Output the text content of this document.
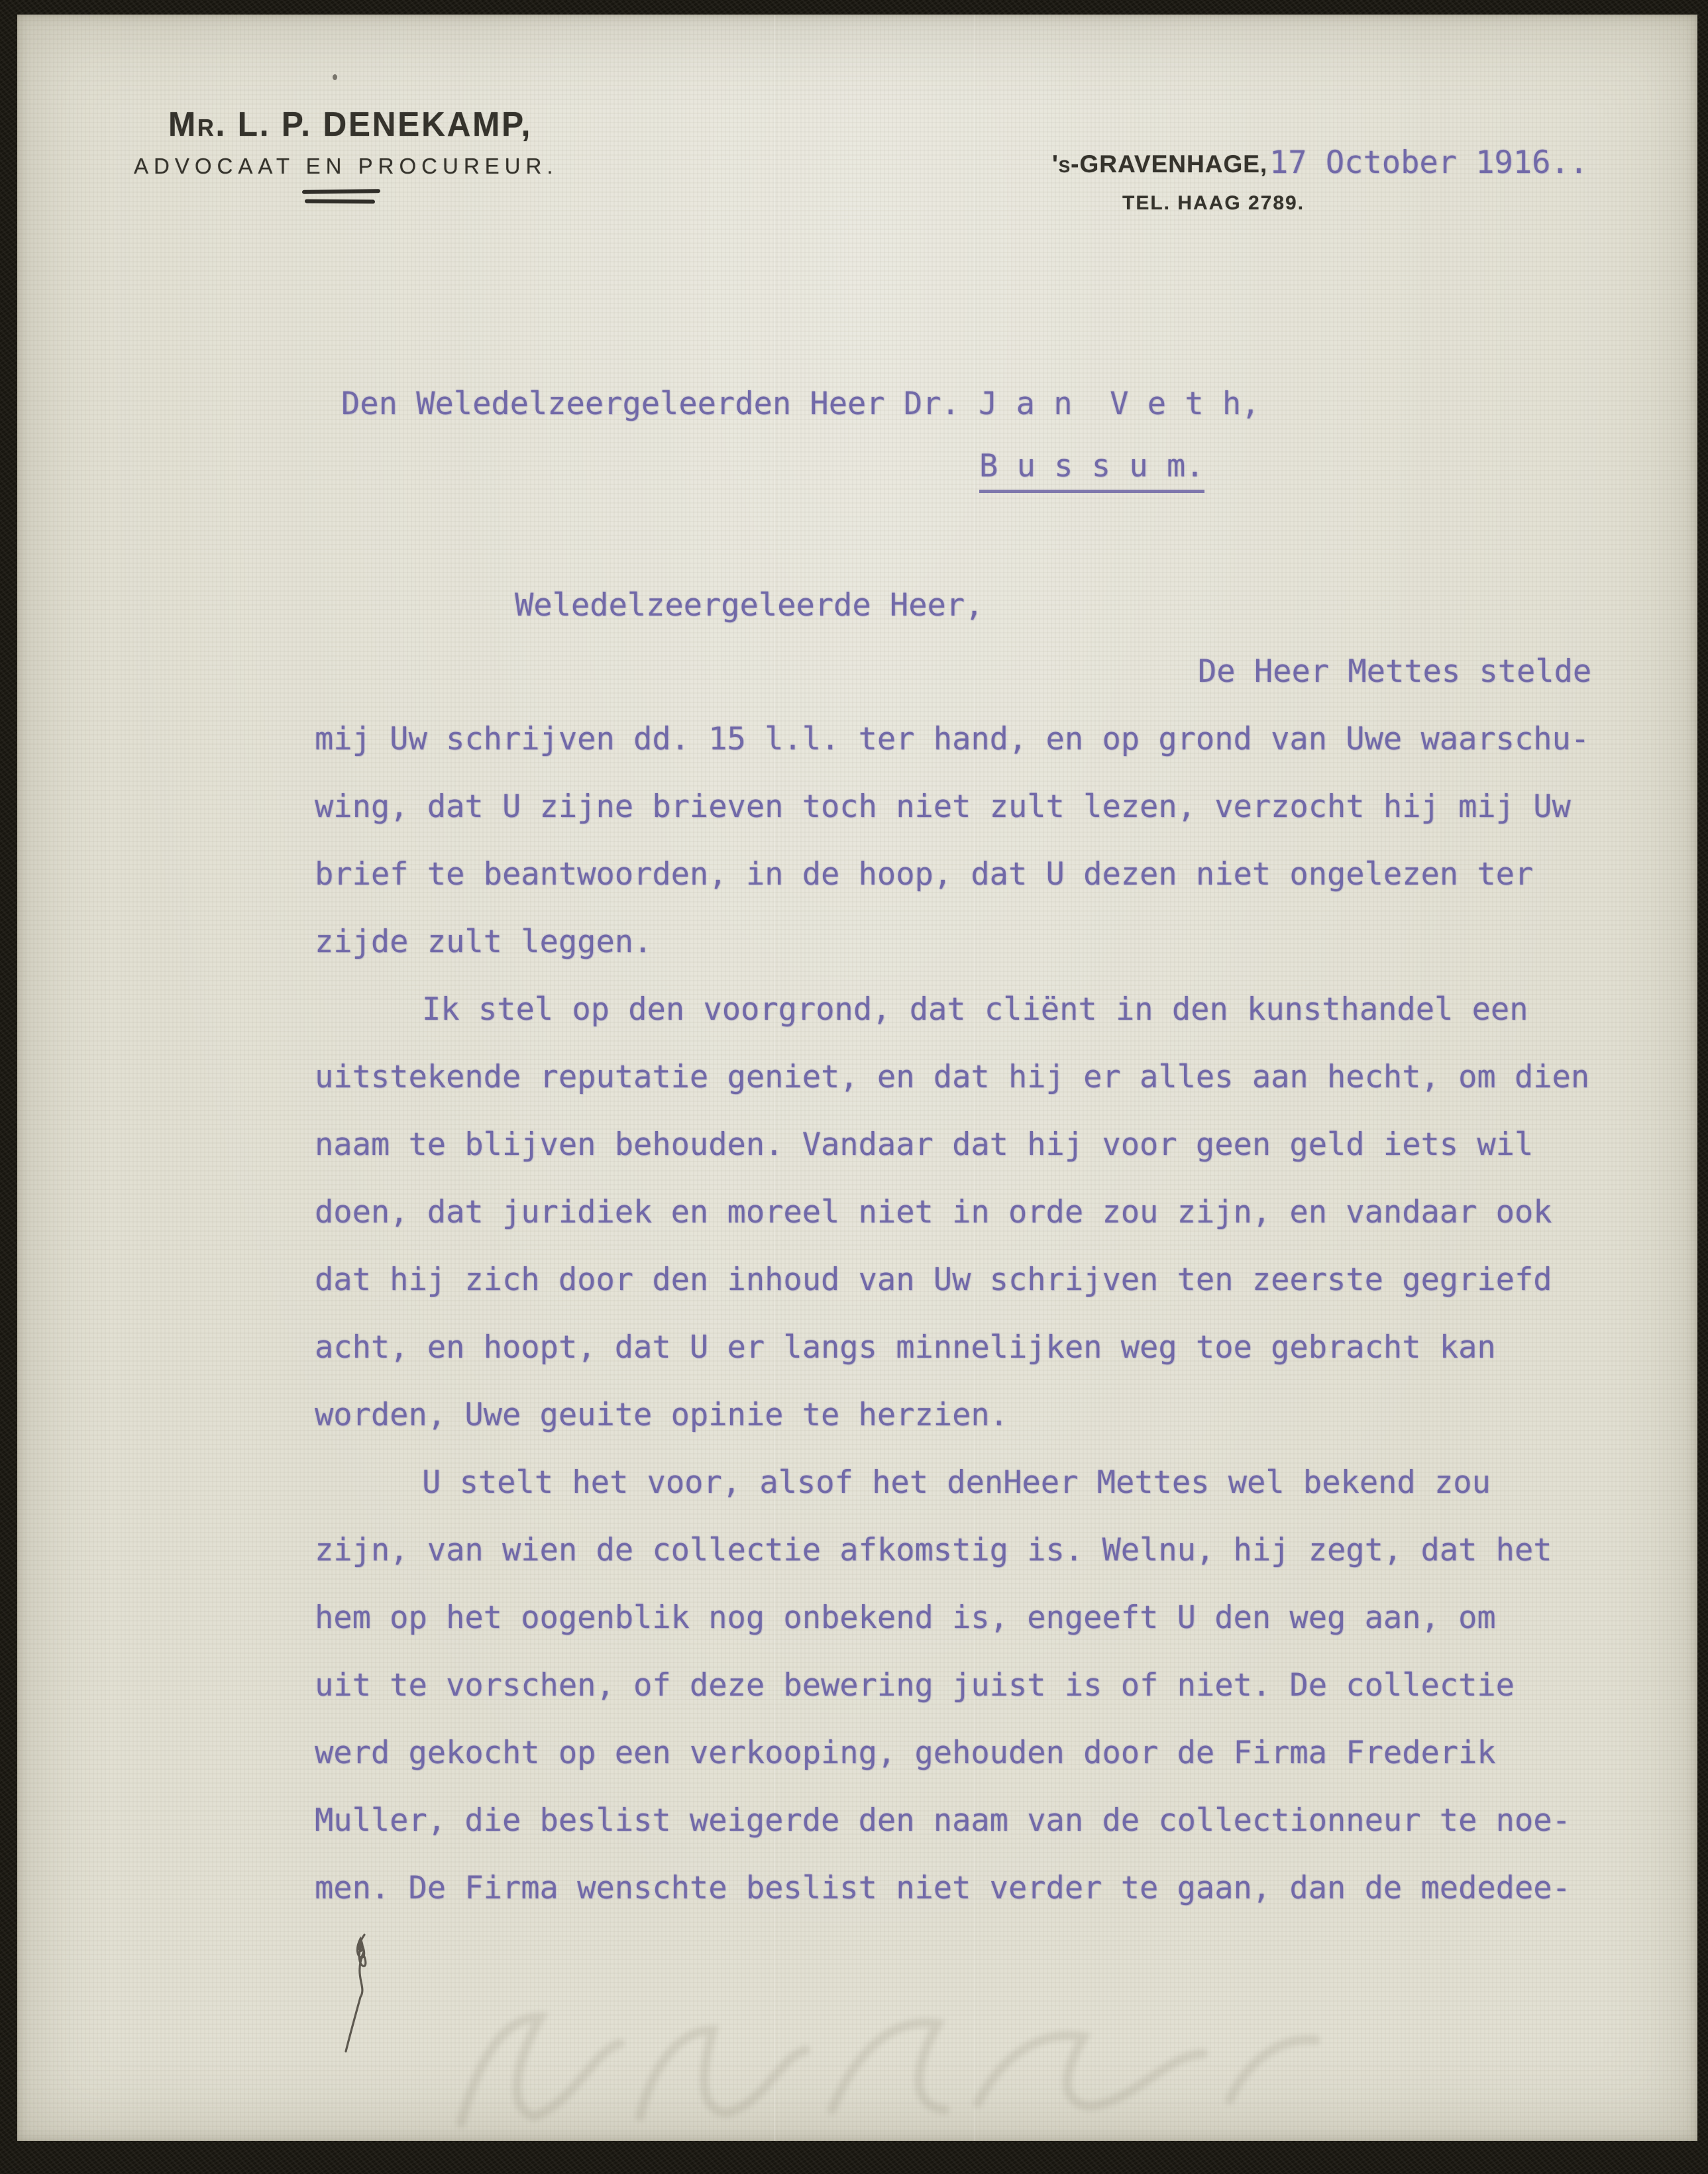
Mr. L. P. DENEKAMP,
ADVOCAAT EN PROCUREUR.	's-GRAVENHAGE,
TEL. HAAG 2789.
17 October 1916..
Den Weledelzeergeleerden Heer Dr. J a n  V e t h,
B u s s u m.
Weledelzeergeleerde Heer,
De Heer Mettes stelde
mij Uw schrijven dd. 15 l.l. ter hand, en op grond van Uwe waarschu-
wing, dat U zijne brieven toch niet zult lezen, verzocht hij mij Uw
brief te beantwoorden, in de hoop, dat U dezen niet ongelezen ter
zijde zult leggen.
Ik stel op den voorgrond, dat cliënt in den kunsthandel een
uitstekende reputatie geniet, en dat hij er alles aan hecht, om dien
naam te blijven behouden. Vandaar dat hij voor geen geld iets wil
doen, dat juridiek en moreel niet in orde zou zijn, en vandaar ook
dat hij zich door den inhoud van Uw schrijven ten zeerste gegriefd
acht, en hoopt, dat U er langs minnelijken weg toe gebracht kan
worden, Uwe geuite opinie te herzien.
U stelt het voor, alsof het denHeer Mettes wel bekend zou
zijn, van wien de collectie afkomstig is. Welnu, hij zegt, dat het
hem op het oogenblik nog onbekend is, engeeft U den weg aan, om
uit te vorschen, of deze bewering juist is of niet. De collectie
werd gekocht op een verkooping, gehouden door de Firma Frederik
Muller, die beslist weigerde den naam van de collectionneur te noe-
men. De Firma wenschte beslist niet verder te gaan, dan de mededee-
